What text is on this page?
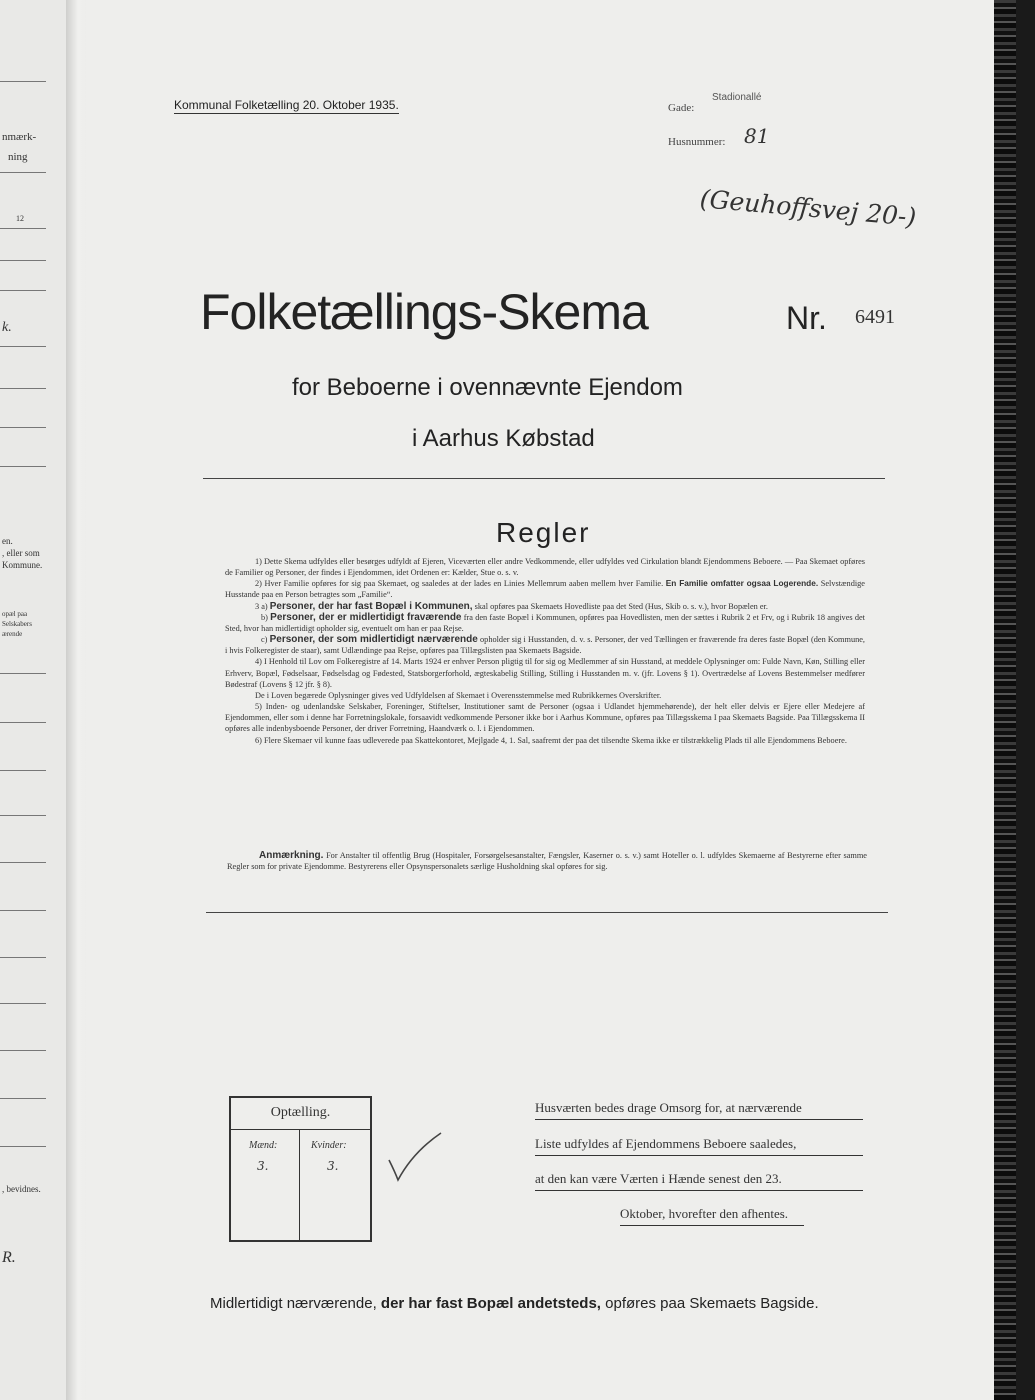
nmærk-
ning
12
k.
en.
, eller som
Kommune.
opæl paa
Selskabers
ærende
, bevidnes.
R.
Kommunal Folketælling 20. Oktober 1935.	Gade:
Stadionallé
Husnummer: 81
(Geuhoffsvej 20-)
Folketællings-Skema	Nr. 6491
for Beboerne i ovennævnte Ejendom
i Aarhus Købstad
Regler

1) Dette Skema udfyldes eller besørges udfyldt af Ejeren, Viceværten eller andre Vedkommende, eller udfyldes ved Cirkulation blandt Ejendommens Beboere. — Paa Skemaet opføres de Familier og Personer, der findes i Ejendommen, idet Ordenen er: Kælder, Stue o. s. v.

2) Hver Familie opføres for sig paa Skemaet, og saaledes at der lades en Linies Mellemrum aaben mellem hver Familie. En Familie omfatter ogsaa Logerende. Selvstændige Husstande paa en Person betragtes som „Familie“.

3 a) Personer, der har fast Bopæl i Kommunen, skal opføres paa Skemaets Hovedliste paa det Sted (Hus, Skib o. s. v.), hvor Bopælen er.

b) Personer, der er midlertidigt fraværende fra den faste Bopæl i Kommunen, opføres paa Hovedlisten, men der sættes i Rubrik 2 et Frv, og i Rubrik 18 angives det Sted, hvor han midlertidigt opholder sig, eventuelt om han er paa Rejse.

c) Personer, der som midlertidigt nærværende opholder sig i Husstanden, d. v. s. Personer, der ved Tællingen er fraværende fra deres faste Bopæl (den Kommune, i hvis Folkeregister de staar), samt Udlændinge paa Rejse, opføres paa Tillægslisten paa Skemaets Bagside.

4) I Henhold til Lov om Folkeregistre af 14. Marts 1924 er enhver Person pligtig til for sig og Medlemmer af sin Husstand, at meddele Oplysninger om: Fulde Navn, Køn, Stilling eller Erhverv, Bopæl, Fødselsaar, Fødselsdag og Fødested, Statsborgerforhold, ægteskabelig Stilling, Stilling i Husstanden m. v. (jfr. Lovens § 1). Overtrædelse af Lovens Bestemmelser medfører Bødestraf (Lovens § 12 jfr. § 8).

De i Loven begærede Oplysninger gives ved Udfyldelsen af Skemaet i Overensstemmelse med Rubrikkernes Overskrifter.

5) Inden- og udenlandske Selskaber, Foreninger, Stiftelser, Institutioner samt de Personer (ogsaa i Udlandet hjemmehørende), der helt eller delvis er Ejere eller Medejere af Ejendommen, eller som i denne har Forretningslokale, forsaavidt vedkommende Personer ikke bor i Aarhus Kommune, opføres paa Tillægsskema I paa Skemaets Bagside. Paa Tillægsskema II opføres alle indenbysboende Personer, der driver Forretning, Haandværk o. l. i Ejendommen.

6) Flere Skemaer vil kunne faas udleverede paa Skattekontoret, Mejlgade 4, 1. Sal, saafremt der paa det tilsendte Skema ikke er tilstrækkelig Plads til alle Ejendommens Beboere.

Anmærkning. For Anstalter til offentlig Brug (Hospitaler, Forsørgelsesanstalter, Fængsler, Kaserner o. s. v.) samt Hoteller o. l. udfyldes Skemaerne af Bestyrerne efter samme Regler som for private Ejendomme. Bestyrerens eller Opsynspersonalets særlige Husholdning skal opføres for sig.
Optælling.
Mænd:	Kvinder:
3.	3.
Husværten bedes drage Omsorg for, at nærværende
Liste udfyldes af Ejendommens Beboere saaledes,
at den kan være Værten i Hænde senest den 23.
Oktober, hvorefter den afhentes.
Midlertidigt nærværende, der har fast Bopæl andetsteds, opføres paa Skemaets Bagside.
